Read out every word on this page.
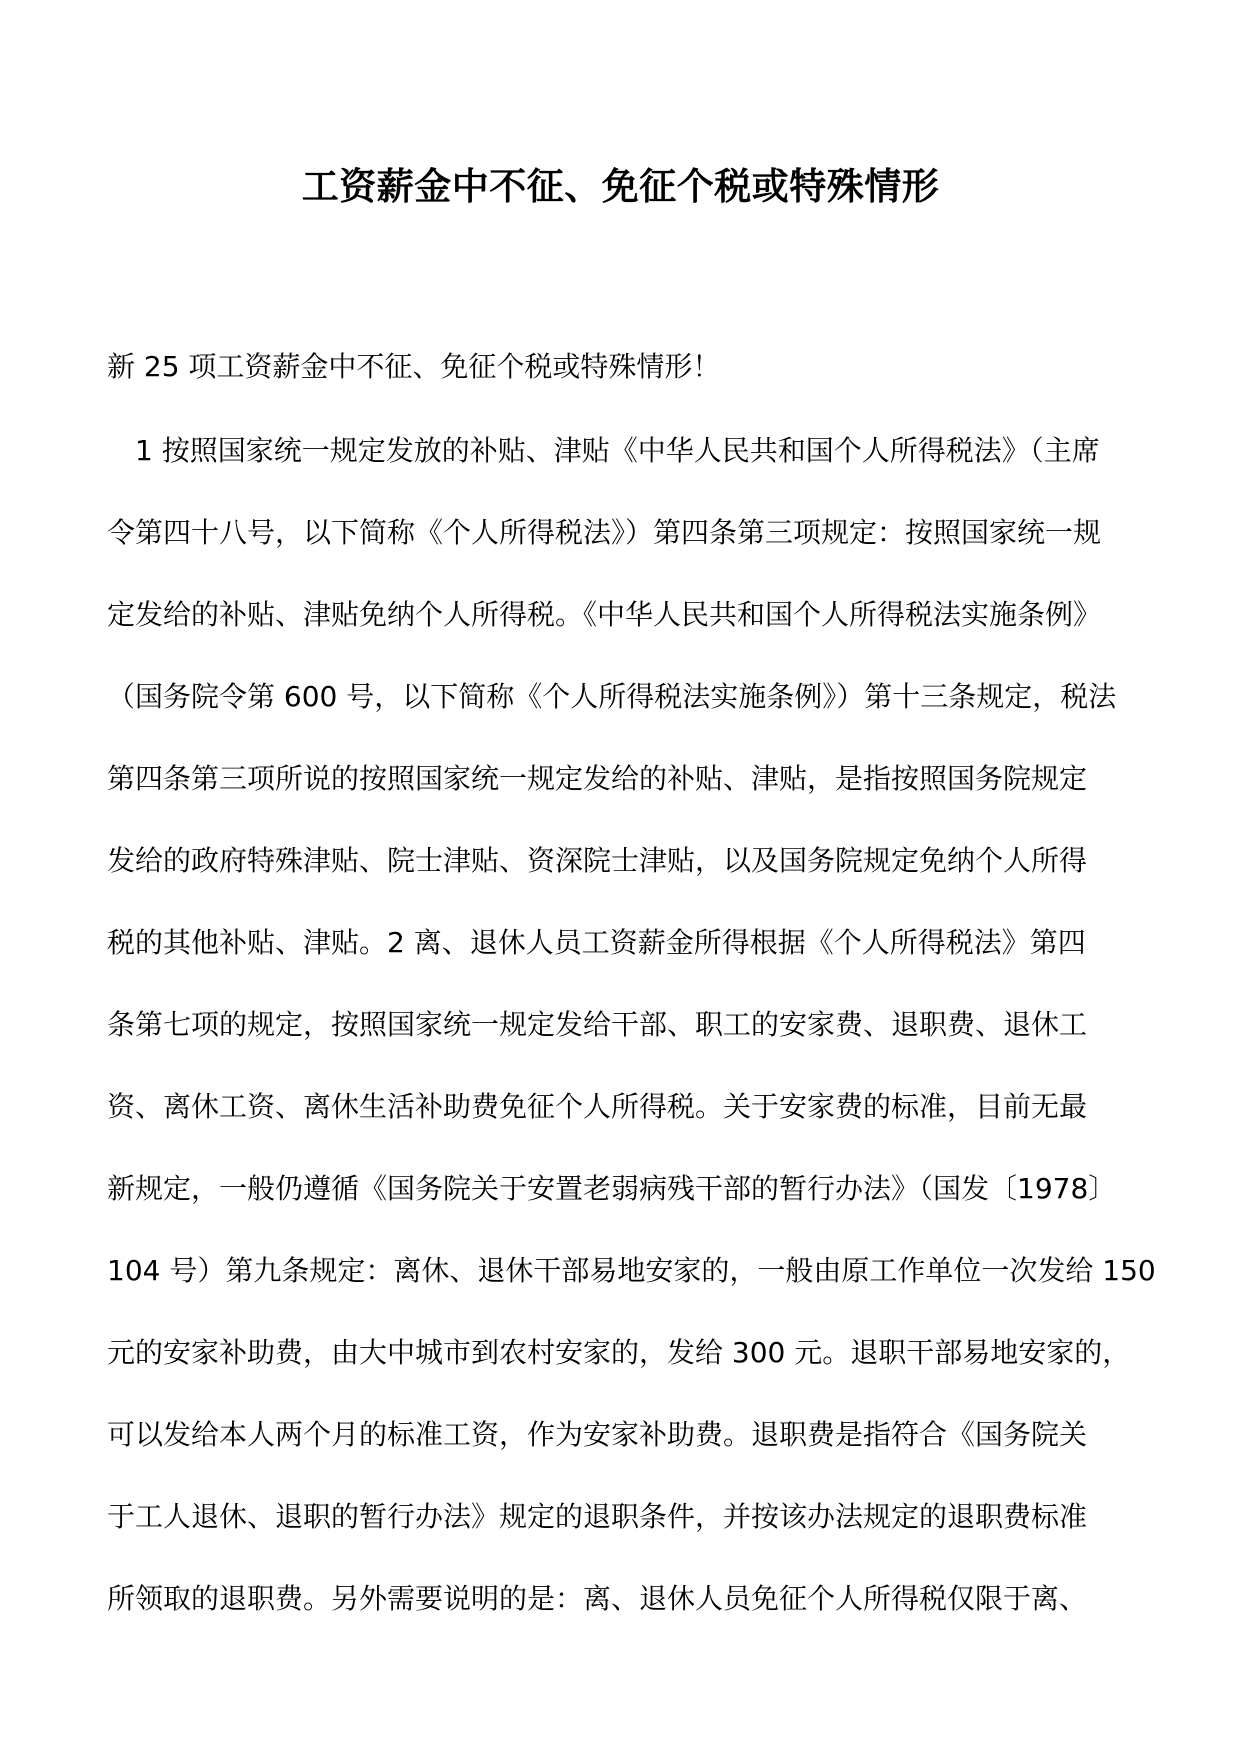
工资薪金中不征、免征个税或特殊情形

新 25 项工资薪金中不征、免征个税或特殊情形！

　1 按照国家统一规定发放的补贴、津贴《中华人民共和国个人所得税法》（主席
令第四十八号，以下简称《个人所得税法》）第四条第三项规定：按照国家统一规
定发给的补贴、津贴免纳个人所得税。《中华人民共和国个人所得税法实施条例》
（国务院令第 600 号，以下简称《个人所得税法实施条例》）第十三条规定，税法
第四条第三项所说的按照国家统一规定发给的补贴、津贴，是指按照国务院规定
发给的政府特殊津贴、院士津贴、资深院士津贴，以及国务院规定免纳个人所得
税的其他补贴、津贴。2 离、退休人员工资薪金所得根据《个人所得税法》第四
条第七项的规定，按照国家统一规定发给干部、职工的安家费、退职费、退休工
资、离休工资、离休生活补助费免征个人所得税。关于安家费的标准，目前无最
新规定，一般仍遵循《国务院关于安置老弱病残干部的暂行办法》（国发〔1978〕
104 号）第九条规定：离休、退休干部易地安家的，一般由原工作单位一次发给 150
元的安家补助费，由大中城市到农村安家的，发给 300 元。退职干部易地安家的，
可以发给本人两个月的标准工资，作为安家补助费。退职费是指符合《国务院关
于工人退休、退职的暂行办法》规定的退职条件，并按该办法规定的退职费标准
所领取的退职费。另外需要说明的是：离、退休人员免征个人所得税仅限于离、
